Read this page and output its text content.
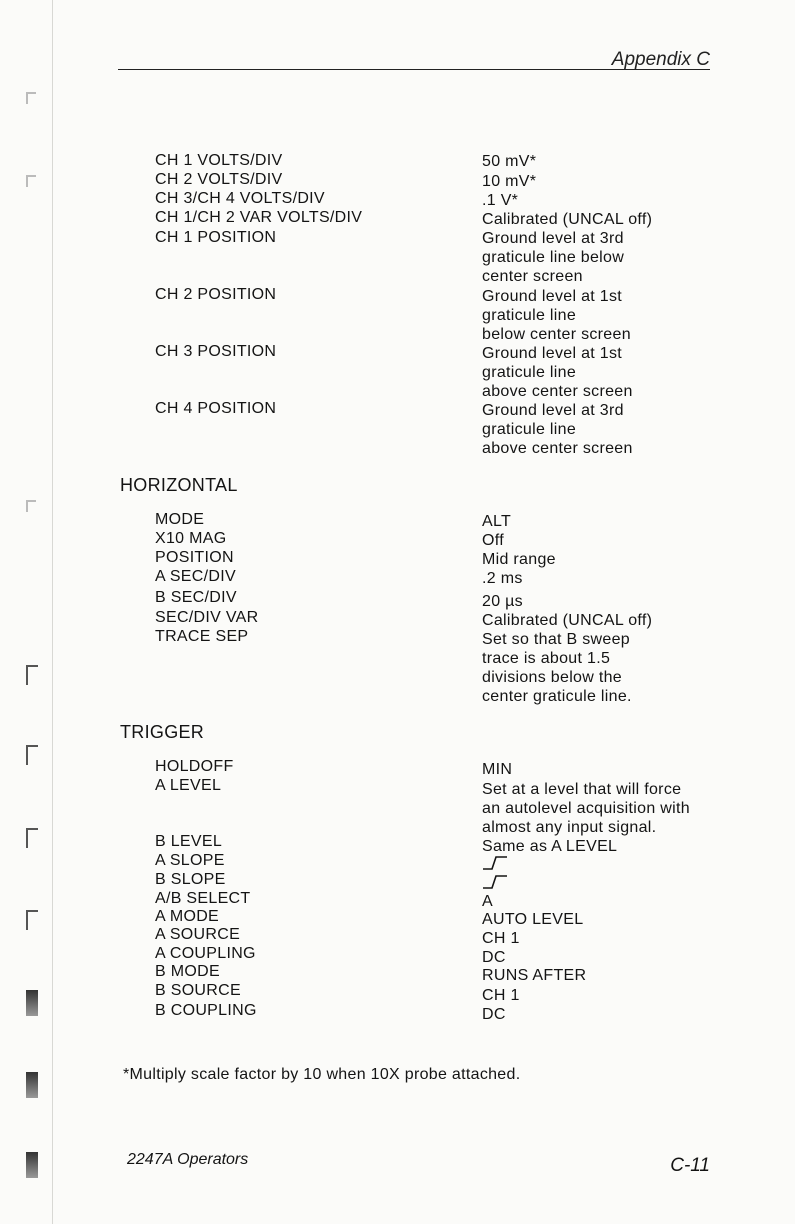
Appendix C
CH 1 VOLTS/DIV	50 mV*
CH 2 VOLTS/DIV	10 mV*
CH 3/CH 4 VOLTS/DIV	.1 V*
CH 1/CH 2 VAR VOLTS/DIV	Calibrated (UNCAL off)
CH 1 POSITION	Ground level at 3rd
graticule line below
center screen
CH 2 POSITION	Ground level at 1st
graticule line
below center screen
CH 3 POSITION	Ground level at 1st
graticule line
above center screen
CH 4 POSITION	Ground level at 3rd
graticule line
above center screen
HORIZONTAL
MODE	ALT
X10 MAG	Off
POSITION	Mid range
A SEC/DIV	.2 ms
B SEC/DIV	20 µs
SEC/DIV VAR	Calibrated (UNCAL off)
TRACE SEP	Set so that B sweep
trace is about 1.5
divisions below the
center graticule line.
TRIGGER
HOLDOFF	MIN
A LEVEL	Set at a level that will force
an autolevel acquisition with
almost any input signal.
B LEVEL	Same as A LEVEL
A SLOPE
B SLOPE
A/B SELECT	A
A MODE	AUTO LEVEL
A SOURCE	CH 1
A COUPLING	DC
B MODE	RUNS AFTER
B SOURCE	CH 1
B COUPLING	DC
*Multiply scale factor by 10 when 10X probe attached.
2247A Operators	C-11
